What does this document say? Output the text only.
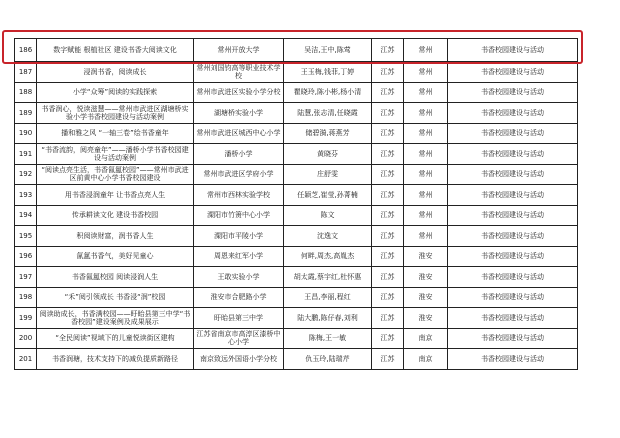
186	数字赋能 根植社区 建设书香大阅读文化	常州开放大学	吴洁,王中,陈莺	江苏	常州	书香校园建设与活动
187	浸润书香，阅读成长	常州刘国钧高等职业技术学校	王玉梅,钱菲,丁婷	江苏	常州	书香校园建设与活动
188	小学“众筹”阅读的实践探索	常州市武进区实验小学分校	瞿晓玲,陈小彬,杨小清	江苏	常州	书香校园建设与活动
189	书香润心，悦读滋慧——常州市武进区湖塘桥实验小学书香校园建设与活动案例	湖塘桥实验小学	陆慧,张志清,任晓霞	江苏	常州	书香校园建设与活动
190	播和雅之风 “一轴三卷”绘书香童年	常州市武进区城西中心小学	储碧漪,蒋燕芳	江苏	常州	书香校园建设与活动
191	“书香流韵，阅亮童年”——潘桥小学书香校园建设与活动案例	潘桥小学	黄晓芬	江苏	常州	书香校园建设与活动
192	“阅读点亮生活，书香氤氲校园”——常州市武进区前黄中心小学书香校园建设	常州市武进区学府小学	庄舒雯	江苏	常州	书香校园建设与活动
193	用书香浸润童年 让书香点亮人生	常州市西林实验学校	任颖芝,崔莹,孙菁楠	江苏	常州	书香校园建设与活动
194	传承耕读文化 建设书香校园	溧阳市竹箦中心小学	陈文	江苏	常州	书香校园建设与活动
195	积阅读财富，润书香人生	溧阳市平陵小学	沈逸文	江苏	常州	书香校园建设与活动
196	氤氲书香气，美好见童心	周恩来红军小学	何畔,周杰,高胤杰	江苏	淮安	书香校园建设与活动
197	书香氤氲校园 阅读浸润人生	王敢实验小学	胡太霞,蔡宇红,杜怀惠	江苏	淮安	书香校园建设与活动
198	“禾”阅引领成长 书香浸“润”校园	淮安市合肥路小学	王昌,李丽,程红	江苏	淮安	书香校园建设与活动
199	阅读助成长，书香满校园——盱眙县第三中学“书香校园”建设案例及成果展示	盱眙县第三中学	陆大鹏,陈仔春,刘利	江苏	淮安	书香校园建设与活动
200	“全民阅读”视域下的儿童悦读街区建构	江苏省南京市高淳区漆桥中心小学	陈梅,王一敏	江苏	南京	书香校园建设与活动
201	书香润瑭，技术支持下的减负提质新路径	南京致远外国语小学分校	仇玉玲,陆瑞芹	江苏	南京	书香校园建设与活动
